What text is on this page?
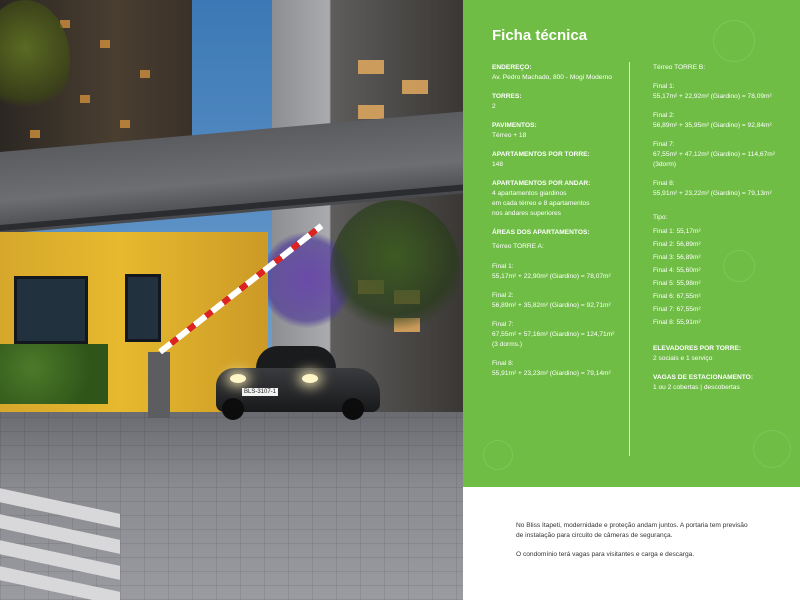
BLS-3107-1
Ficha técnica
ENDEREÇO:
Av. Pedro Machado, 800 - Mogi Moderno
TORRES:
2
PAVIMENTOS:
Térreo + 18
APARTAMENTOS POR TORRE:
148
APARTAMENTOS POR ANDAR:
4 apartamentos giardinos
em cada térreo e 8 apartamentos
nos andares superiores
ÁREAS DOS APARTAMENTOS:
Térreo TORRE A:
Final 1:
55,17m² + 22,90m² (Giardino) = 78,07m²
Final 2:
56,89m² + 35,82m² (Giardino) = 92,71m²
Final 7:
67,55m² + 57,16m² (Giardino) = 124,71m²
(3 dorms.)
Final 8:
55,91m² + 23,23m² (Giardino) = 79,14m²
Térreo TORRE B:
Final 1:
55,17m² + 22,92m² (Giardino) = 78,09m²
Final 2:
56,89m² + 35,95m² (Giardino) = 92,84m²
Final 7:
67,55m² + 47,12m² (Giardino) = 114,67m²
(3dorm)
Final 8:
55,91m² + 23,22m² (Giardino) = 79,13m²
Tipo:
Final 1: 55,17m²
Final 2: 56,89m²
Final 3: 56,89m²
Final 4: 55,60m²
Final 5: 55,98m²
Final 6: 67,55m²
Final 7: 67,55m²
Final 8: 55,91m²
ELEVADORES POR TORRE:
2 sociais e 1 serviço
VAGAS DE ESTACIONAMENTO:
1 ou 2 cobertas | descobertas

No Bliss Itapeti, modernidade e proteção andam juntos. A portaria tem previsão
de instalação para circuito de câmeras de segurança.

O condomínio terá vagas para visitantes e carga e descarga.
